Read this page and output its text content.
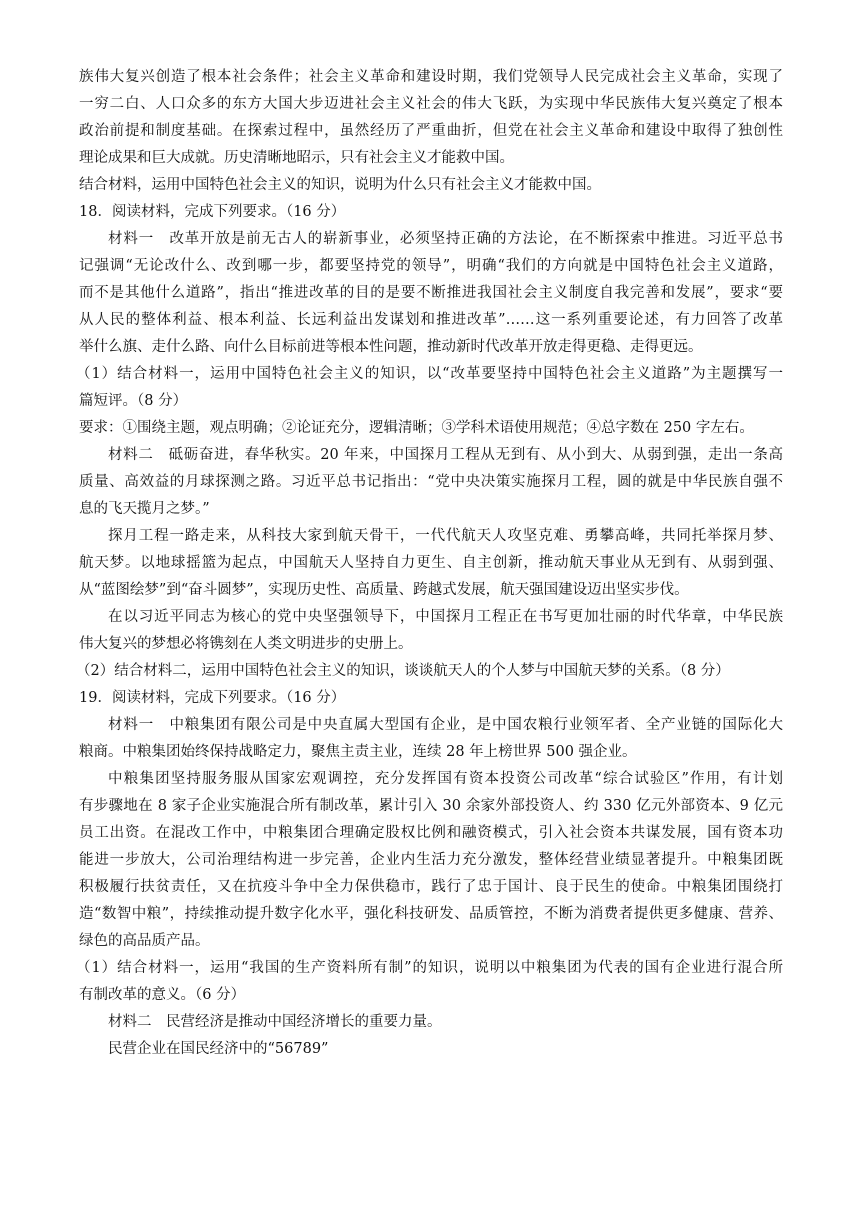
族伟大复兴创造了根本社会条件；社会主义革命和建设时期，我们党领导人民完成社会主义革命，实现了
一穷二白、人口众多的东方大国大步迈进社会主义社会的伟大飞跃，为实现中华民族伟大复兴奠定了根本
政治前提和制度基础。在探索过程中，虽然经历了严重曲折，但党在社会主义革命和建设中取得了独创性
理论成果和巨大成就。历史清晰地昭示，只有社会主义才能救中国。
结合材料，运用中国特色社会主义的知识，说明为什么只有社会主义才能救中国。
18．阅读材料，完成下列要求。（16 分）
材料一　改革开放是前无古人的崭新事业，必须坚持正确的方法论，在不断探索中推进。习近平总书
记强调“无论改什么、改到哪一步，都要坚持党的领导”，明确“我们的方向就是中国特色社会主义道路，
而不是其他什么道路”，指出“推进改革的目的是要不断推进我国社会主义制度自我完善和发展”，要求“要
从人民的整体利益、根本利益、长远利益出发谋划和推进改革”……这一系列重要论述，有力回答了改革
举什么旗、走什么路、向什么目标前进等根本性问题，推动新时代改革开放走得更稳、走得更远。
（1）结合材料一，运用中国特色社会主义的知识，以“改革要坚持中国特色社会主义道路”为主题撰写一
篇短评。（8 分）
要求：①围绕主题，观点明确；②论证充分，逻辑清晰；③学科术语使用规范；④总字数在 250 字左右。
材料二　砥砺奋进，春华秋实。20 年来，中国探月工程从无到有、从小到大、从弱到强，走出一条高
质量、高效益的月球探测之路。习近平总书记指出：“党中央决策实施探月工程，圆的就是中华民族自强不
息的飞天揽月之梦。”
探月工程一路走来，从科技大家到航天骨干，一代代航天人攻坚克难、勇攀高峰，共同托举探月梦、
航天梦。以地球摇篮为起点，中国航天人坚持自力更生、自主创新，推动航天事业从无到有、从弱到强、
从“蓝图绘梦”到“奋斗圆梦”，实现历史性、高质量、跨越式发展，航天强国建设迈出坚实步伐。
在以习近平同志为核心的党中央坚强领导下，中国探月工程正在书写更加壮丽的时代华章，中华民族
伟大复兴的梦想必将镌刻在人类文明进步的史册上。
（2）结合材料二，运用中国特色社会主义的知识，谈谈航天人的个人梦与中国航天梦的关系。（8 分）
19．阅读材料，完成下列要求。（16 分）
材料一　中粮集团有限公司是中央直属大型国有企业，是中国农粮行业领军者、全产业链的国际化大
粮商。中粮集团始终保持战略定力，聚焦主责主业，连续 28 年上榜世界 500 强企业。
中粮集团坚持服务服从国家宏观调控，充分发挥国有资本投资公司改革“综合试验区”作用，有计划
有步骤地在 8 家子企业实施混合所有制改革，累计引入 30 余家外部投资人、约 330 亿元外部资本、9 亿元
员工出资。在混改工作中，中粮集团合理确定股权比例和融资模式，引入社会资本共谋发展，国有资本功
能进一步放大，公司治理结构进一步完善，企业内生活力充分激发，整体经营业绩显著提升。中粮集团既
积极履行扶贫责任，又在抗疫斗争中全力保供稳市，践行了忠于国计、良于民生的使命。中粮集团围绕打
造“数智中粮”，持续推动提升数字化水平，强化科技研发、品质管控，不断为消费者提供更多健康、营养、
绿色的高品质产品。
（1）结合材料一，运用“我国的生产资料所有制”的知识，说明以中粮集团为代表的国有企业进行混合所
有制改革的意义。（6 分）
材料二　民营经济是推动中国经济增长的重要力量。
民营企业在国民经济中的“56789”
